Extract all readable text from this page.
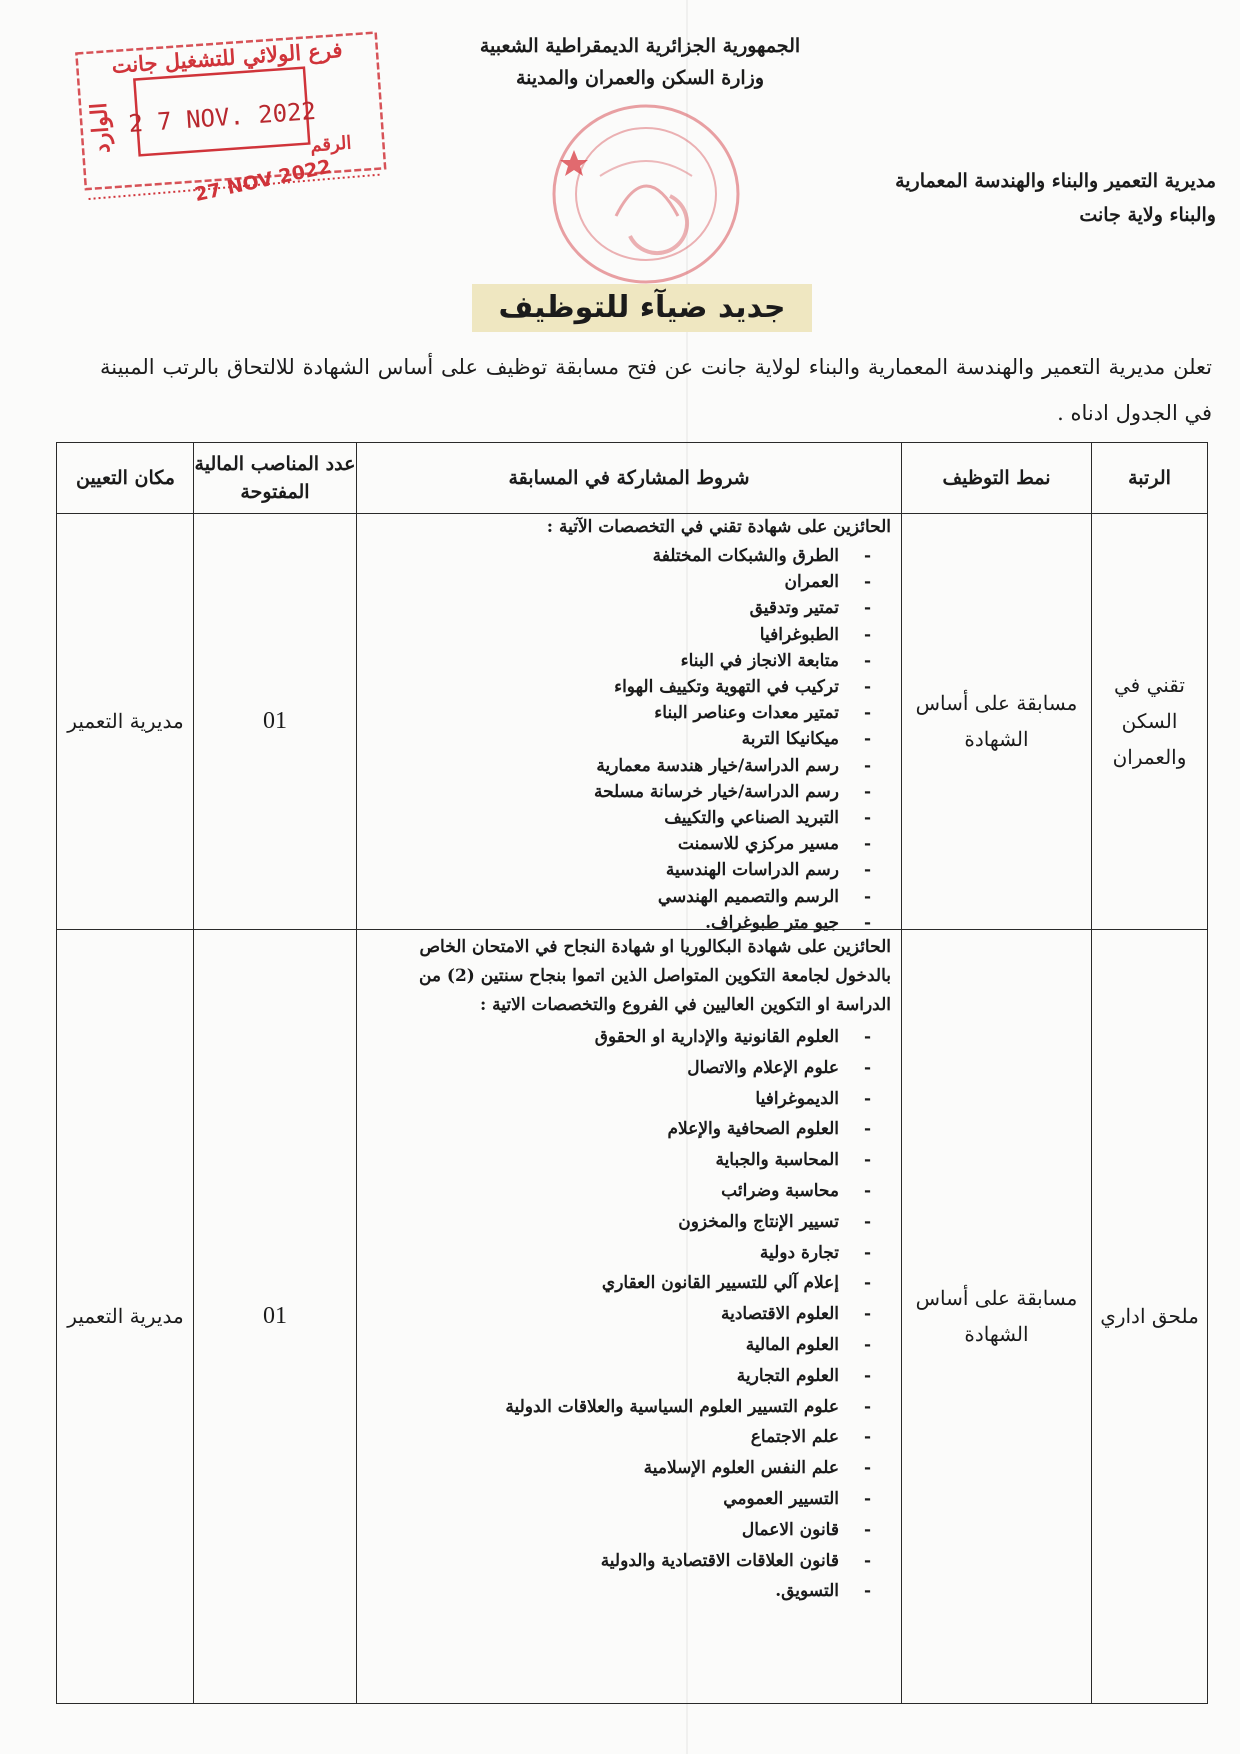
فرع الولائي للتشغيل جانت
2 7 NOV. 2022
الوارد	الرقم
27 NOV 2022
الجمهورية الجزائرية الديمقراطية الشعبية
وزارة السكن والعمران والمدينة
مديرية التعمير والبناء والهندسة المعمارية
والبناء ولاية جانت
جديد ضيآء للتوظيف
تعلن مديرية التعمير والهندسة المعمارية والبناء لولاية جانت عن فتح مسابقة توظيف على أساس الشهادة للالتحاق بالرتب المبينة في الجدول ادناه .
الرتبة
نمط التوظيف
شروط المشاركة في المسابقة
عدد المناصب المالية المفتوحة
مكان التعيين
تقني في السكن والعمران
مسابقة على أساس الشهادة
الحائزين على شهادة تقني في التخصصات الآتية :
- الطرق والشبكات المختلفة
- العمران
- تمتير وتدقيق
- الطبوغرافيا
- متابعة الانجاز في البناء
- تركيب في التهوية وتكييف الهواء
- تمتير معدات وعناصر البناء
- ميكانيكا التربة
- رسم الدراسة/خيار هندسة معمارية
- رسم الدراسة/خيار خرسانة مسلحة
- التبريد الصناعي والتكييف
- مسير مركزي للاسمنت
- رسم الدراسات الهندسية
- الرسم والتصميم الهندسي
- جيو متر طبوغراف.
01
مديرية التعمير
ملحق اداري
مسابقة على أساس الشهادة
الحائزين على شهادة البكالوريا او شهادة النجاح في الامتحان الخاص بالدخول لجامعة التكوين المتواصل الذين اتموا بنجاح سنتين (2) من الدراسة او التكوين العاليين في الفروع والتخصصات الاتية :
- العلوم القانونية والإدارية او الحقوق
- علوم الإعلام والاتصال
- الديموغرافيا
- العلوم الصحافية والإعلام
- المحاسبة والجباية
- محاسبة وضرائب
- تسيير الإنتاج والمخزون
- تجارة دولية
- إعلام آلي للتسيير القانون العقاري
- العلوم الاقتصادية
- العلوم المالية
- العلوم التجارية
- علوم التسيير العلوم السياسية والعلاقات الدولية
- علم الاجتماع
- علم النفس العلوم الإسلامية
- التسيير العمومي
- قانون الاعمال
- قانون العلاقات الاقتصادية والدولية
- التسويق.
01
مديرية التعمير
